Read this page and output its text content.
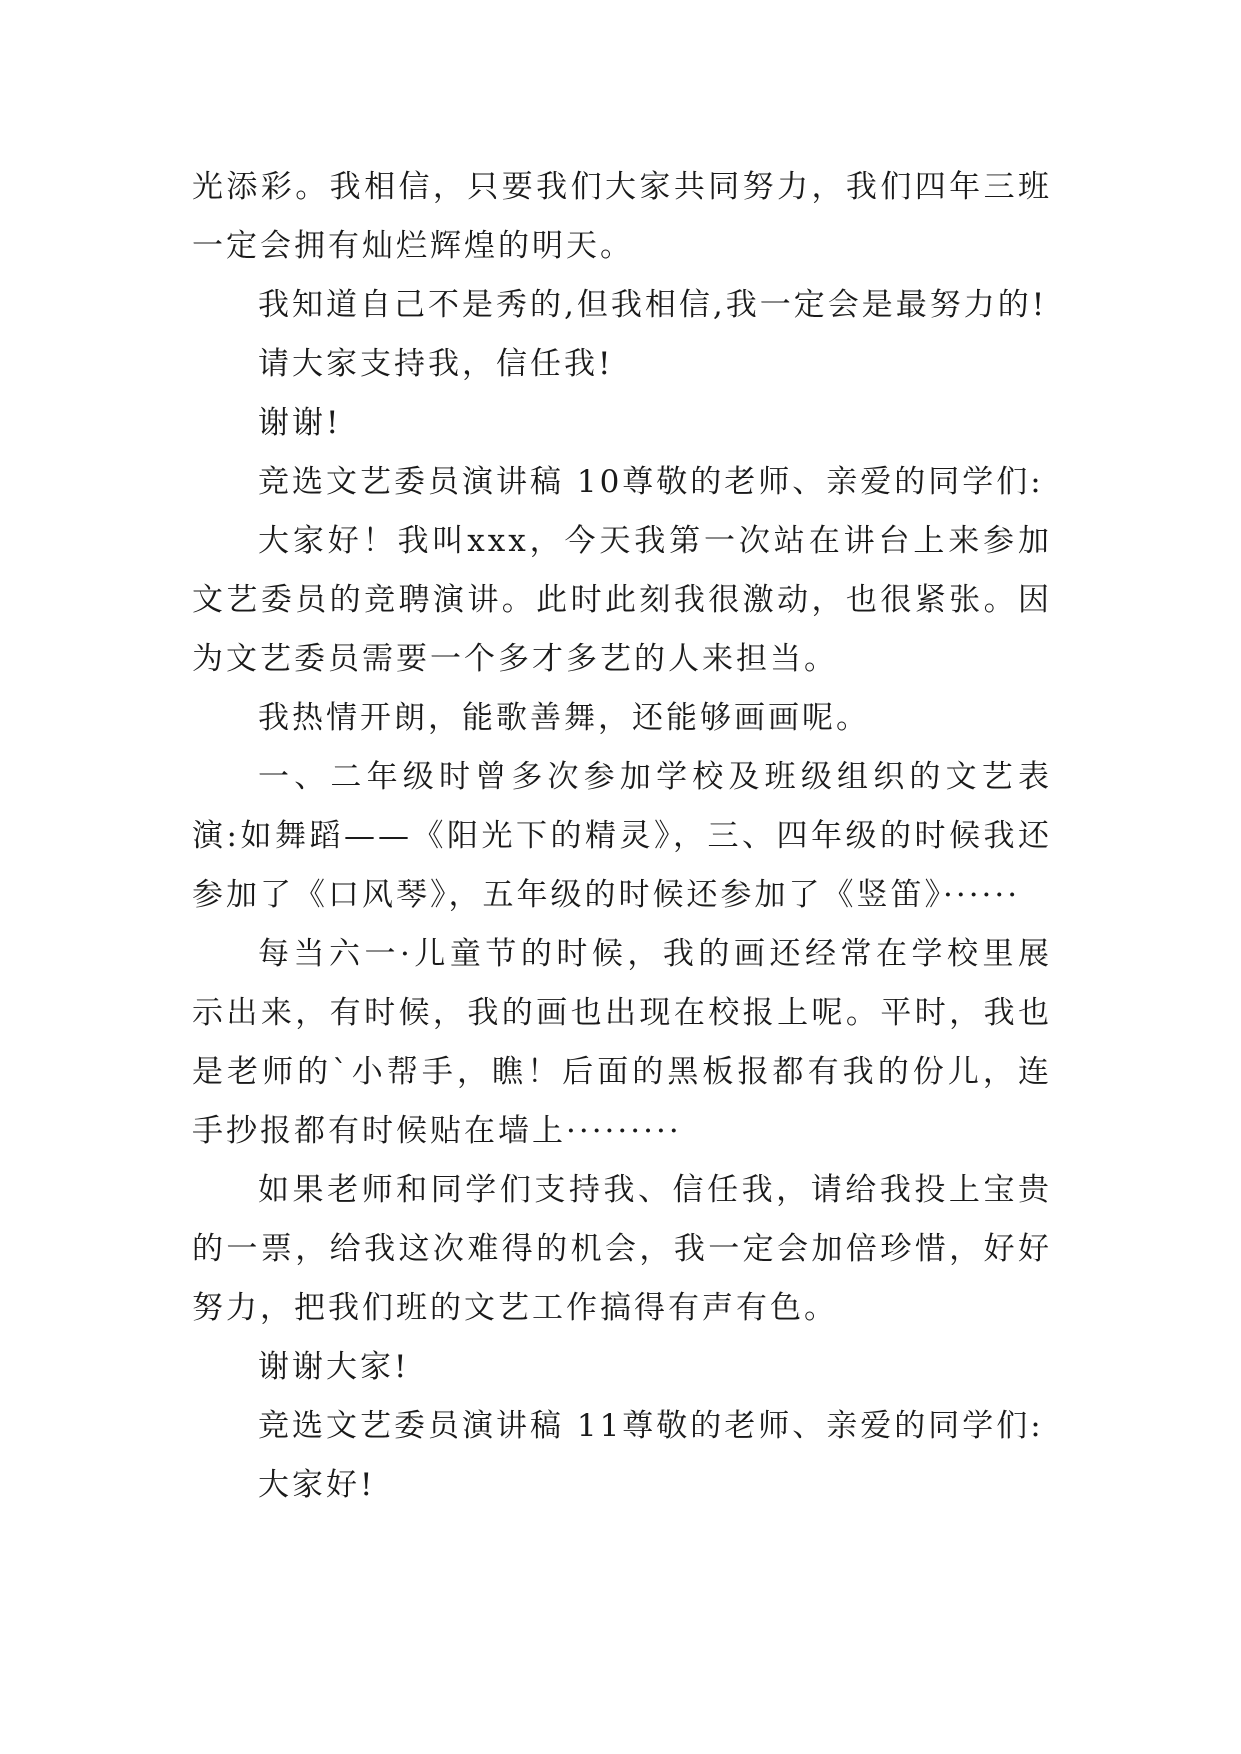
光添彩。我相信，只要我们大家共同努力，我们四年三班一定会拥有灿烂辉煌的明天。

我知道自己不是秀的,但我相信,我一定会是最努力的!

请大家支持我，信任我!

谢谢!

竞选文艺委员演讲稿 10尊敬的老师、亲爱的同学们:

大家好！我叫xxx，今天我第一次站在讲台上来参加文艺委员的竞聘演讲。此时此刻我很激动，也很紧张。因为文艺委员需要一个多才多艺的人来担当。

我热情开朗，能歌善舞，还能够画画呢。

一、二年级时曾多次参加学校及班级组织的文艺表演:如舞蹈——《阳光下的精灵》，三、四年级的时候我还参加了《口风琴》，五年级的时候还参加了《竖笛》······

每当六一·儿童节的时候，我的画还经常在学校里展示出来，有时候，我的画也出现在校报上呢。平时，我也是老师的`小帮手，瞧！后面的黑板报都有我的份儿，连手抄报都有时候贴在墙上·········

如果老师和同学们支持我、信任我，请给我投上宝贵的一票，给我这次难得的机会，我一定会加倍珍惜，好好努力，把我们班的文艺工作搞得有声有色。

谢谢大家!

竞选文艺委员演讲稿 11尊敬的老师、亲爱的同学们:

大家好!
